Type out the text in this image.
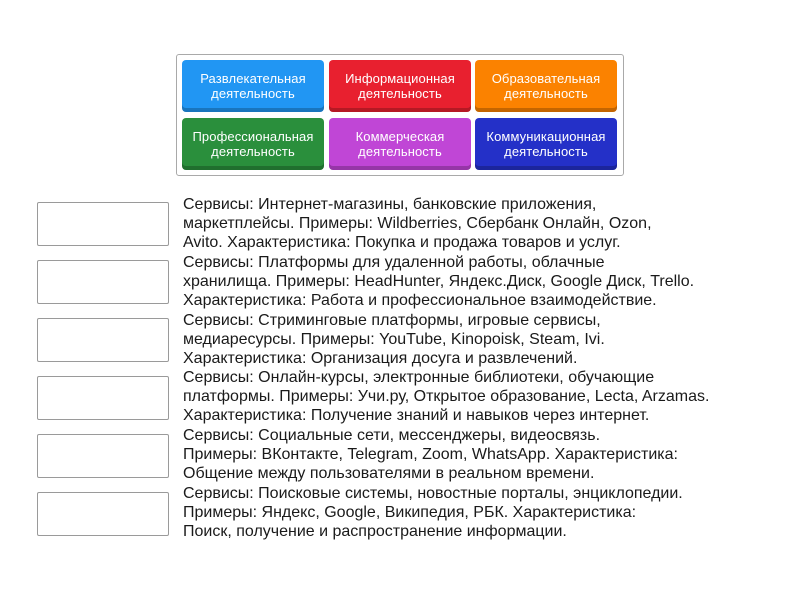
Развлекательная
деятельность
Информационная
деятельность
Образовательная
деятельность
Профессиональная
деятельность
Коммерческая
деятельность
Коммуникационная
деятельность
Сервисы: Интернет-магазины, банковские приложения,
маркетплейсы. Примеры: Wildberries, Сбербанк Онлайн, Ozon,
Avito. Характеристика: Покупка и продажа товаров и услуг.
Сервисы: Платформы для удаленной работы, облачные
хранилища. Примеры: HeadHunter, Яндекс.Диск, Google Диск, Trello.
Характеристика: Работа и профессиональное взаимодействие.
Сервисы: Стриминговые платформы, игровые сервисы,
медиаресурсы. Примеры: YouTube, Kinopoisk, Steam, Ivi.
Характеристика: Организация досуга и развлечений.
Сервисы: Онлайн-курсы, электронные библиотеки, обучающие
платформы. Примеры: Учи.ру, Открытое образование, Lecta, Arzamas.
Характеристика: Получение знаний и навыков через интернет.
Сервисы: Социальные сети, мессенджеры, видеосвязь.
Примеры: ВКонтакте, Telegram, Zoom, WhatsApp. Характеристика:
Общение между пользователями в реальном времени.
Сервисы: Поисковые системы, новостные порталы, энциклопедии.
Примеры: Яндекс, Google, Википедия, РБК. Характеристика:
Поиск, получение и распространение информации.
